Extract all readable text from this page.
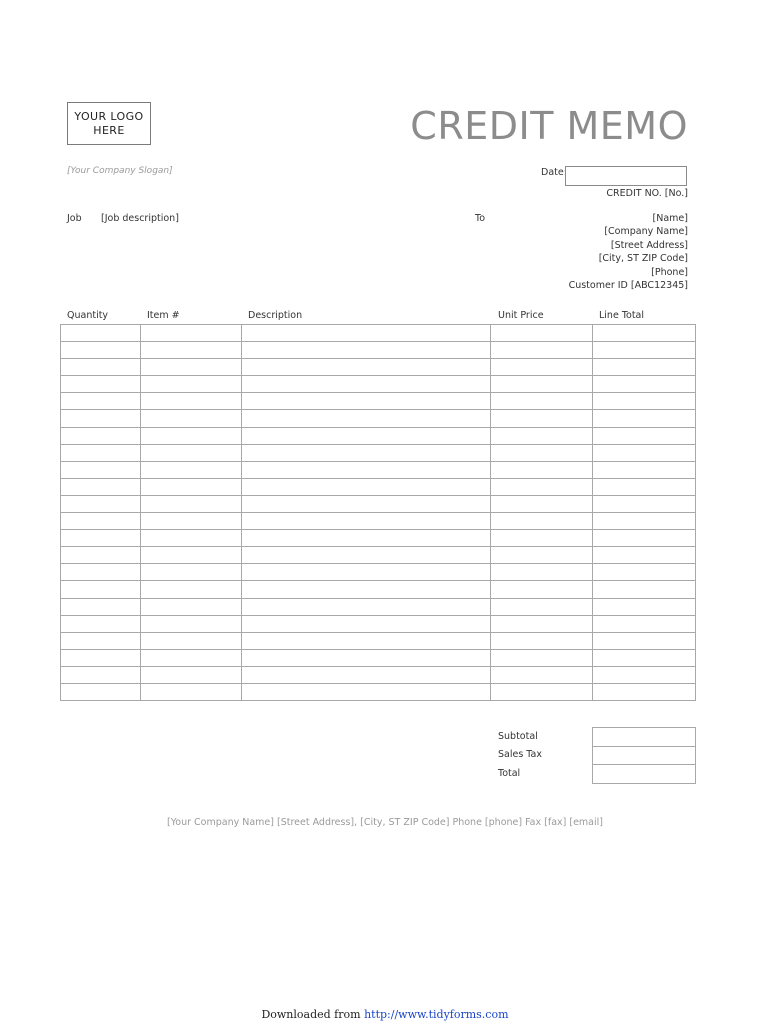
YOUR LOGO
HERE	CREDIT MEMO
[Your Company Slogan]	Date:
CREDIT NO. [No.]
Job [Job description]	To	[Name]
[Company Name]
[Street Address]
[City, ST ZIP Code]
[Phone]
Customer ID [ABC12345]
Quantity	Item #	Description	Unit Price	Line Total

Subtotal
Sales Tax
Total

[Your Company Name] [Street Address], [City, ST ZIP Code] Phone [phone] Fax [fax] [email]
Downloaded from http://www.tidyforms.com
